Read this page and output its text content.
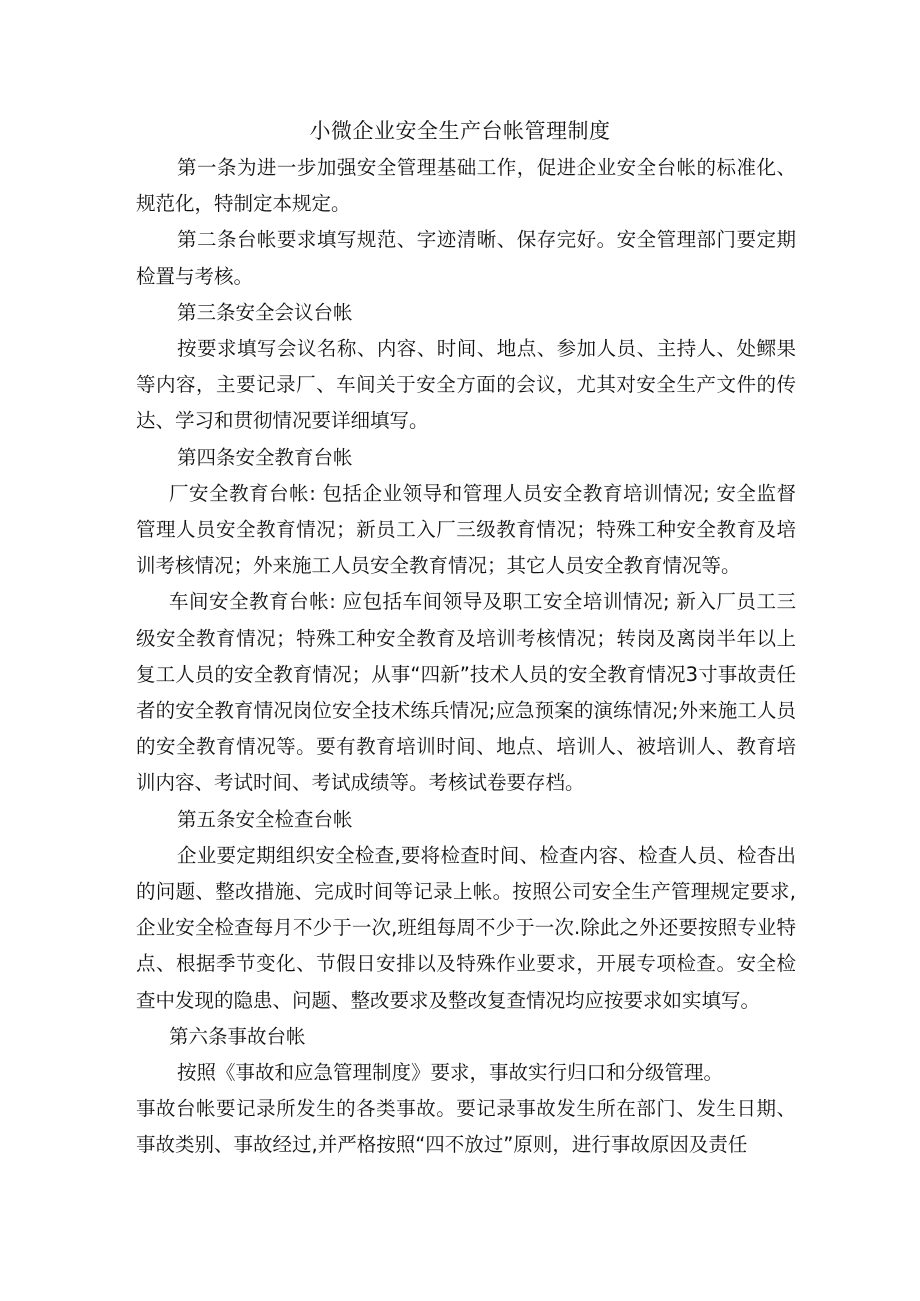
小微企业安全生产台帐管理制度

第一条为进一步加强安全管理基础工作，促进企业安全台帐的标准化、规范化，特制定本规定。

第二条台帐要求填写规范、字迹清晰、保存完好。安全管理部门要定期检置与考核。

第三条安全会议台帐

按要求填写会议名称、内容、时间、地点、参加人员、主持人、处鳏果等内容，主要记录厂、车间关于安全方面的会议，尤其对安全生产文件的传达、学习和贯彻情况要详细填写。

第四条安全教育台帐

厂安全教育台帐: 包括企业领导和管理人员安全教育培训情况; 安全监督管理人员安全教育情况；新员工入厂三级教育情况；特殊工种安全教育及培训考核情况；外来施工人员安全教育情况；其它人员安全教育情况等。

车间安全教育台帐: 应包括车间领导及职工安全培训情况; 新入厂员工三级安全教育情况；特殊工种安全教育及培训考核情况；转岗及离岗半年以上复工人员的安全教育情况；从事“四新”技术人员的安全教育情况3寸事故责任者的安全教育情况岗位安全技术练兵情况;应急预案的演练情况;外来施工人员的安全教育情况等。要有教育培训时间、地点、培训人、被培训人、教育培训内容、考试时间、考试成绩等。考核试卷要存档。

第五条安全检查台帐

企业要定期组织安全检查,要将检查时间、检查内容、检查人员、检杳出的问题、整改措施、完成时间等记录上帐。按照公司安全生产管理规定要求,企业安全检查每月不少于一次,班组每周不少于一次.除此之外还要按照专业特点、根据季节变化、节假日安排以及特殊作业要求，开展专项检查。安全检查中发现的隐患、问题、整改要求及整改复查情况均应按要求如实填写。

第六条事故台帐

按照《事故和应急管理制度》要求，事故实行归口和分级管理。

事故台帐要记录所发生的各类事故。要记录事故发生所在部门、发生日期、事故类别、事故经过,并严格按照“四不放过”原则，进行事故原因及责任
